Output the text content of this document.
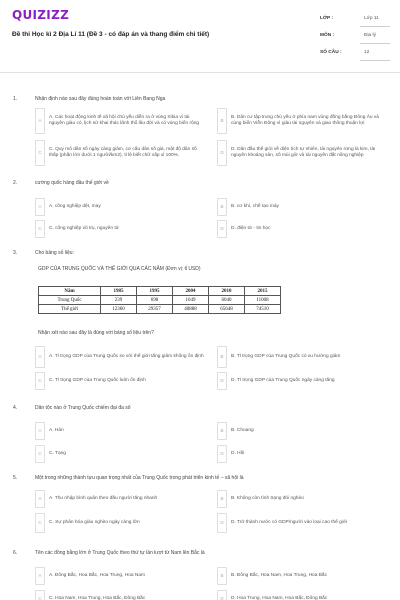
QUIZIZZ
Đề thi Học kì 2 Địa Lí 11 (Đề 3 - có đáp án và thang điểm chi tiết)
LỚP :	Lớp 11
MÔN :	Địa lý
SỐ CÂU :	12
1.	Nhận định nào sau đây đúng hoàn toàn với Liên Bang Nga
A
A. Các hoạt động kinh tế xã hội chủ yếu diễn ra ở vùng Xibia vì tài nguyên giàu có, lịch sử khai thác lãnh thổ lâu đời và có vùng biển rộng
B
B. Dân cư tập trung chủ yếu ở phía nam vùng đồng bằng Đông Âu và cùng biển Viễn Đông vì giàu tài nguyên và giao thông thuận lợi
C
C. Quy mô dân số ngày càng giảm, cơ cấu dân số già, mật độ dân số thấp (phần lớn dưới 1 người/km2), tỉ lệ biết chữ xấp xỉ 100%.
D
D. Dân đầu thế giới về diện tích tự nhiên, tài nguyên rừng là kim, tài nguyên khoáng sản, số mùi giờ và tài nguyên đất nông nghiệp
2.	cường quốc hàng đầu thế giới về
A	A. công nghiệp dệt, may	B	B. cơ khí, chế tạo máy
C	C. công nghiệp vũ trụ, nguyên tử	D	D. điện tử - tin học
3.	Cho bảng số liệu:
GDP CỦA TRUNG QUỐC VÀ THẾ GIỚI QUA CÁC NĂM (Đơn vị: tỉ USD)
Năm	1985	1995	2004	2010	2015
Trung Quốc	239	698	1649	6040	11008
Thế giới	12360	29357	40888	65648	74510
Nhận xét nào sau đây là đúng với bảng số liệu trên?
A	A. Tỉ trọng GDP của Trung Quốc so với thế giới tăng giảm không ổn định	B	B. Tỉ trọng GDP của Trung Quốc có xu hướng giảm
C	C. Tỉ trọng GDP của Trung Quốc luôn ổn định	D	D. Tỉ trọng GDP của Trung Quốc ngày càng tăng
4.	Dân tộc nào ở Trung Quốc chiếm đại đa số
A	A. Hán	B	B. Choang
C	C. Tạng	D	D. Hồi
5.	Một trong những thành tựu quan trọng nhất của Trung Quốc trong phát triển kinh tế – xã hội là
A	A. Thu nhập bình quân theo đầu người tăng nhanh	B	B. Không còn tình trạng đói nghèo
C	C. Sự phân hóa giàu nghèo ngày càng lớn	D	D. Trở thành nước có GDP/người vào loại cao thế giới
6.	Tên các đồng bằng lớn ở Trung Quốc theo thứ tự lần lượt từ Nam lên Bắc là
A	A. Đông Bắc, Hoa Bắc, Hoa Trung, Hoa Nam	B	B. Đông Bắc, Hoa Nam, Hoa Trung, Hoa Bắc
C	C. Hoa Nam, Hoa Trung, Hoa Bắc, Đông Bắc	D	D. Hoa Trung, Hoa Nam, Hoa Bắc, Đông Bắc
